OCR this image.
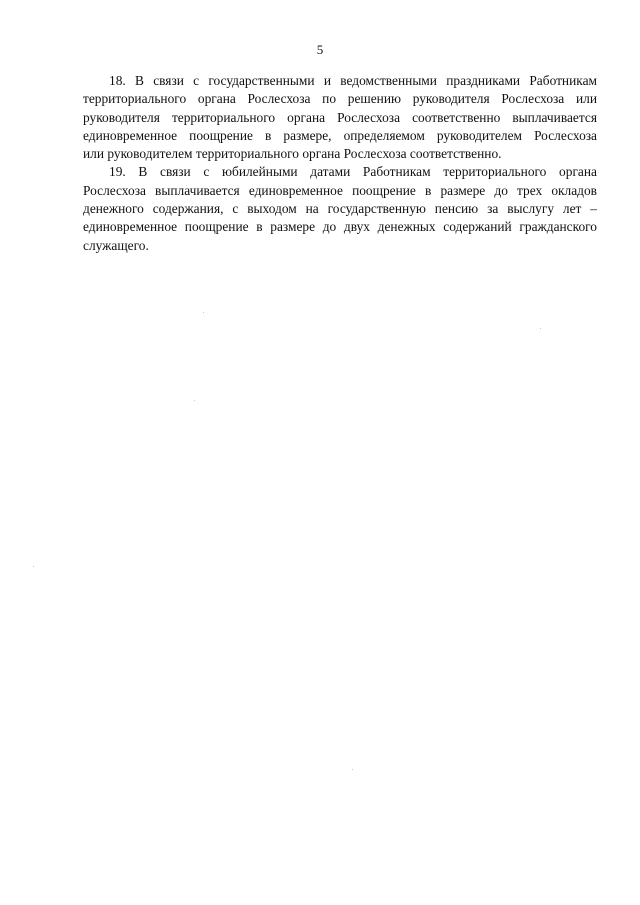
5
18. В связи с государственными и ведомственными праздниками Работникам
территориального органа Рослесхоза по решению руководителя Рослесхоза или
руководителя территориального органа Рослесхоза соответственно выплачивается
единовременное поощрение в размере, определяемом руководителем Рослесхоза
или руководителем территориального органа Рослесхоза соответственно.
19. В связи с юбилейными датами Работникам территориального органа
Рослесхоза выплачивается единовременное поощрение в размере до трех окладов
денежного содержания, с выходом на государственную пенсию за выслугу лет –
единовременное поощрение в размере до двух денежных содержаний гражданского
служащего.
